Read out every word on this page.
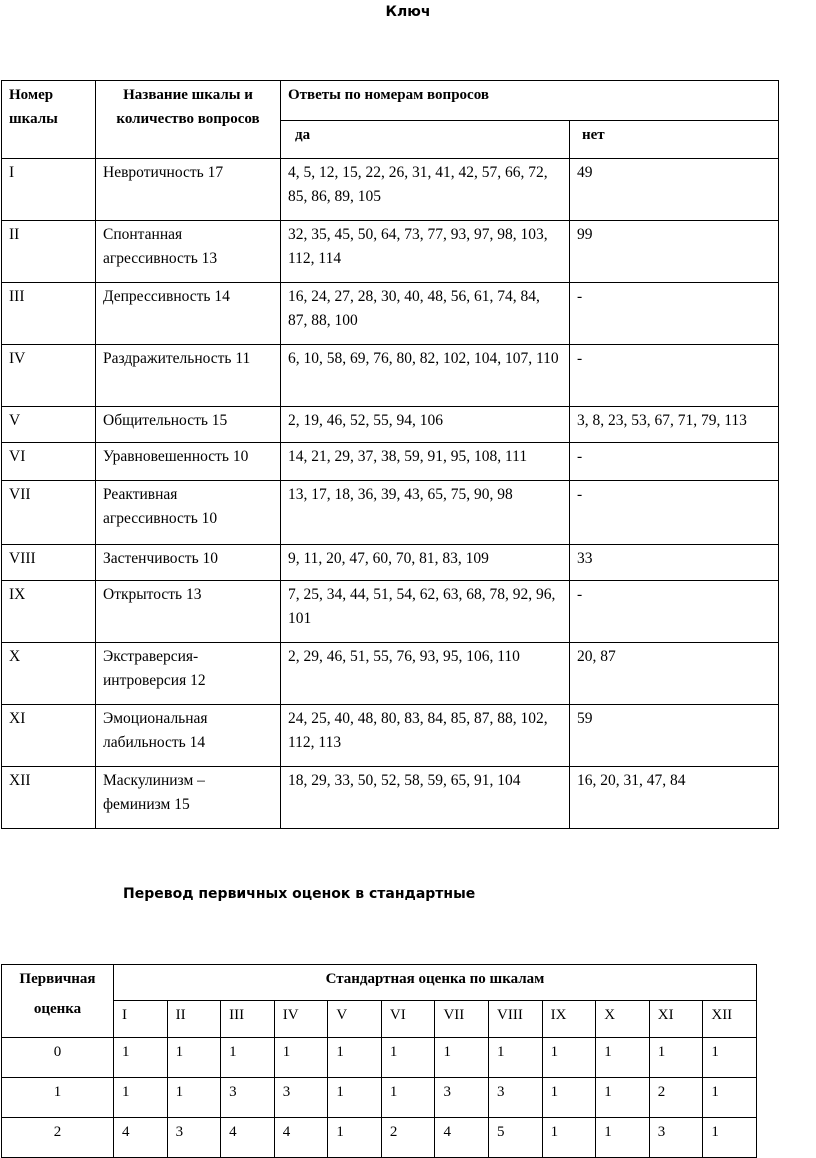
Ключ
Номер шкалы	Название шкалы и количество вопросов	Ответы по номерам вопросов	
		да	нет
I	Невротичность 17	4, 5, 12, 15, 22, 26, 31, 41, 42, 57, 66, 72, 85, 86, 89, 105	49
II	Спонтанная агрессивность 13	32, 35, 45, 50, 64, 73, 77, 93, 97, 98, 103, 112, 114	99
III	Депрессивность 14	16, 24, 27, 28, 30, 40, 48, 56, 61, 74, 84, 87, 88, 100	-
IV	Раздражительность 11	6, 10, 58, 69, 76, 80, 82, 102, 104, 107, 110	-
V	Общительность 15	2, 19, 46, 52, 55, 94, 106	3, 8, 23, 53, 67, 71, 79, 113
VI	Уравновешенность 10	14, 21, 29, 37, 38, 59, 91, 95, 108, 111	-
VII	Реактивная агрессивность 10	13, 17, 18, 36, 39, 43, 65, 75, 90, 98	-
VIII	Застенчивость 10	9, 11, 20, 47, 60, 70, 81, 83, 109	33
IX	Открытость 13	7, 25, 34, 44, 51, 54, 62, 63, 68, 78, 92, 96, 101	-
X	Экстраверсия-интроверсия 12	2, 29, 46, 51, 55, 76, 93, 95, 106, 110	20, 87
XI	Эмоциональная лабильность 14	24, 25, 40, 48, 80, 83, 84, 85, 87, 88, 102, 112, 113	59
XII	Маскулинизм – феминизм 15	18, 29, 33, 50, 52, 58, 59, 65, 91, 104	16, 20, 31, 47, 84
Перевод первичных оценок в стандартные
Первичная
оценка	Стандартная оценка по шкалам											
	I	II	III	IV	V	VI	VII	VIII	IX	X	XI	XII
0	1	1	1	1	1	1	1	1	1	1	1	1
1	1	1	3	3	1	1	3	3	1	1	2	1
2	4	3	4	4	1	2	4	5	1	1	3	1
